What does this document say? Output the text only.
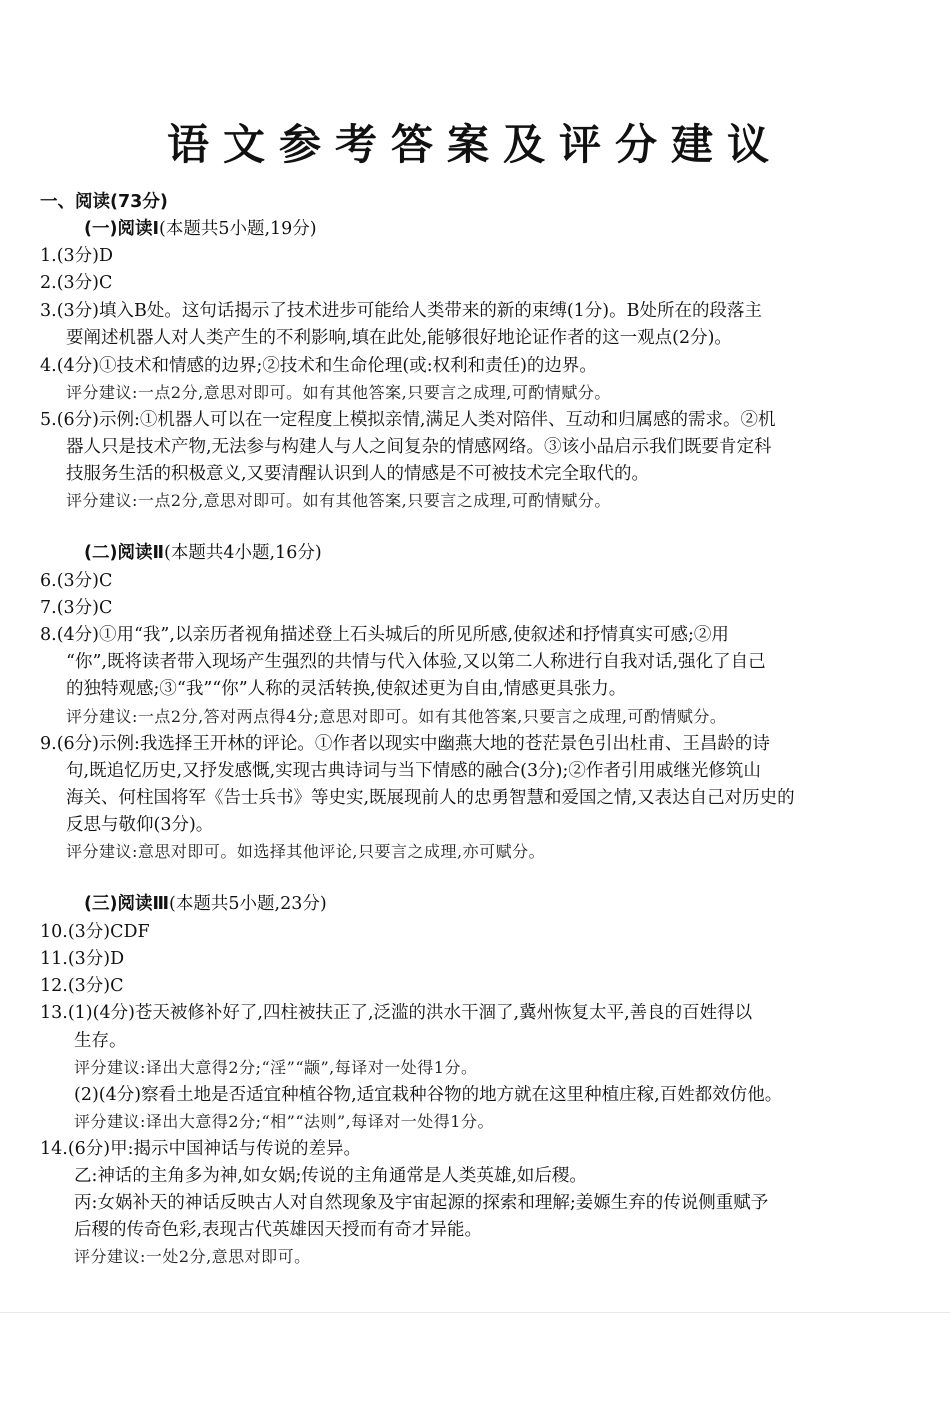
语文参考答案及评分建议
一、阅读(73分)
(一)阅读Ⅰ(本题共5小题,19分)
1.(3分)D
2.(3分)C
3.(3分)填入B处。这句话揭示了技术进步可能给人类带来的新的束缚(1分)。B处所在的段落主
要阐述机器人对人类产生的不利影响,填在此处,能够很好地论证作者的这一观点(2分)。
4.(4分)①技术和情感的边界;②技术和生命伦理(或:权利和责任)的边界。
评分建议:一点2分,意思对即可。如有其他答案,只要言之成理,可酌情赋分。
5.(6分)示例:①机器人可以在一定程度上模拟亲情,满足人类对陪伴、互动和归属感的需求。②机
器人只是技术产物,无法参与构建人与人之间复杂的情感网络。③该小品启示我们既要肯定科
技服务生活的积极意义,又要清醒认识到人的情感是不可被技术完全取代的。
评分建议:一点2分,意思对即可。如有其他答案,只要言之成理,可酌情赋分。
(二)阅读Ⅱ(本题共4小题,16分)
6.(3分)C
7.(3分)C
8.(4分)①用“我”,以亲历者视角描述登上石头城后的所见所感,使叙述和抒情真实可感;②用
“你”,既将读者带入现场产生强烈的共情与代入体验,又以第二人称进行自我对话,强化了自己
的独特观感;③“我”“你”人称的灵活转换,使叙述更为自由,情感更具张力。
评分建议:一点2分,答对两点得4分;意思对即可。如有其他答案,只要言之成理,可酌情赋分。
9.(6分)示例:我选择王开林的评论。①作者以现实中幽燕大地的苍茫景色引出杜甫、王昌龄的诗
句,既追忆历史,又抒发感慨,实现古典诗词与当下情感的融合(3分);②作者引用戚继光修筑山
海关、何柱国将军《告士兵书》等史实,既展现前人的忠勇智慧和爱国之情,又表达自己对历史的
反思与敬仰(3分)。
评分建议:意思对即可。如选择其他评论,只要言之成理,亦可赋分。
(三)阅读Ⅲ(本题共5小题,23分)
10.(3分)CDF
11.(3分)D
12.(3分)C
13.(1)(4分)苍天被修补好了,四柱被扶正了,泛滥的洪水干涸了,冀州恢复太平,善良的百姓得以
生存。
评分建议:译出大意得2分;“淫”“颛”,每译对一处得1分。
(2)(4分)察看土地是否适宜种植谷物,适宜栽种谷物的地方就在这里种植庄稼,百姓都效仿他。
评分建议:译出大意得2分;“相”“法则”,每译对一处得1分。
14.(6分)甲:揭示中国神话与传说的差异。
乙:神话的主角多为神,如女娲;传说的主角通常是人类英雄,如后稷。
丙:女娲补天的神话反映古人对自然现象及宇宙起源的探索和理解;姜嫄生弃的传说侧重赋予
后稷的传奇色彩,表现古代英雄因天授而有奇才异能。
评分建议:一处2分,意思对即可。
